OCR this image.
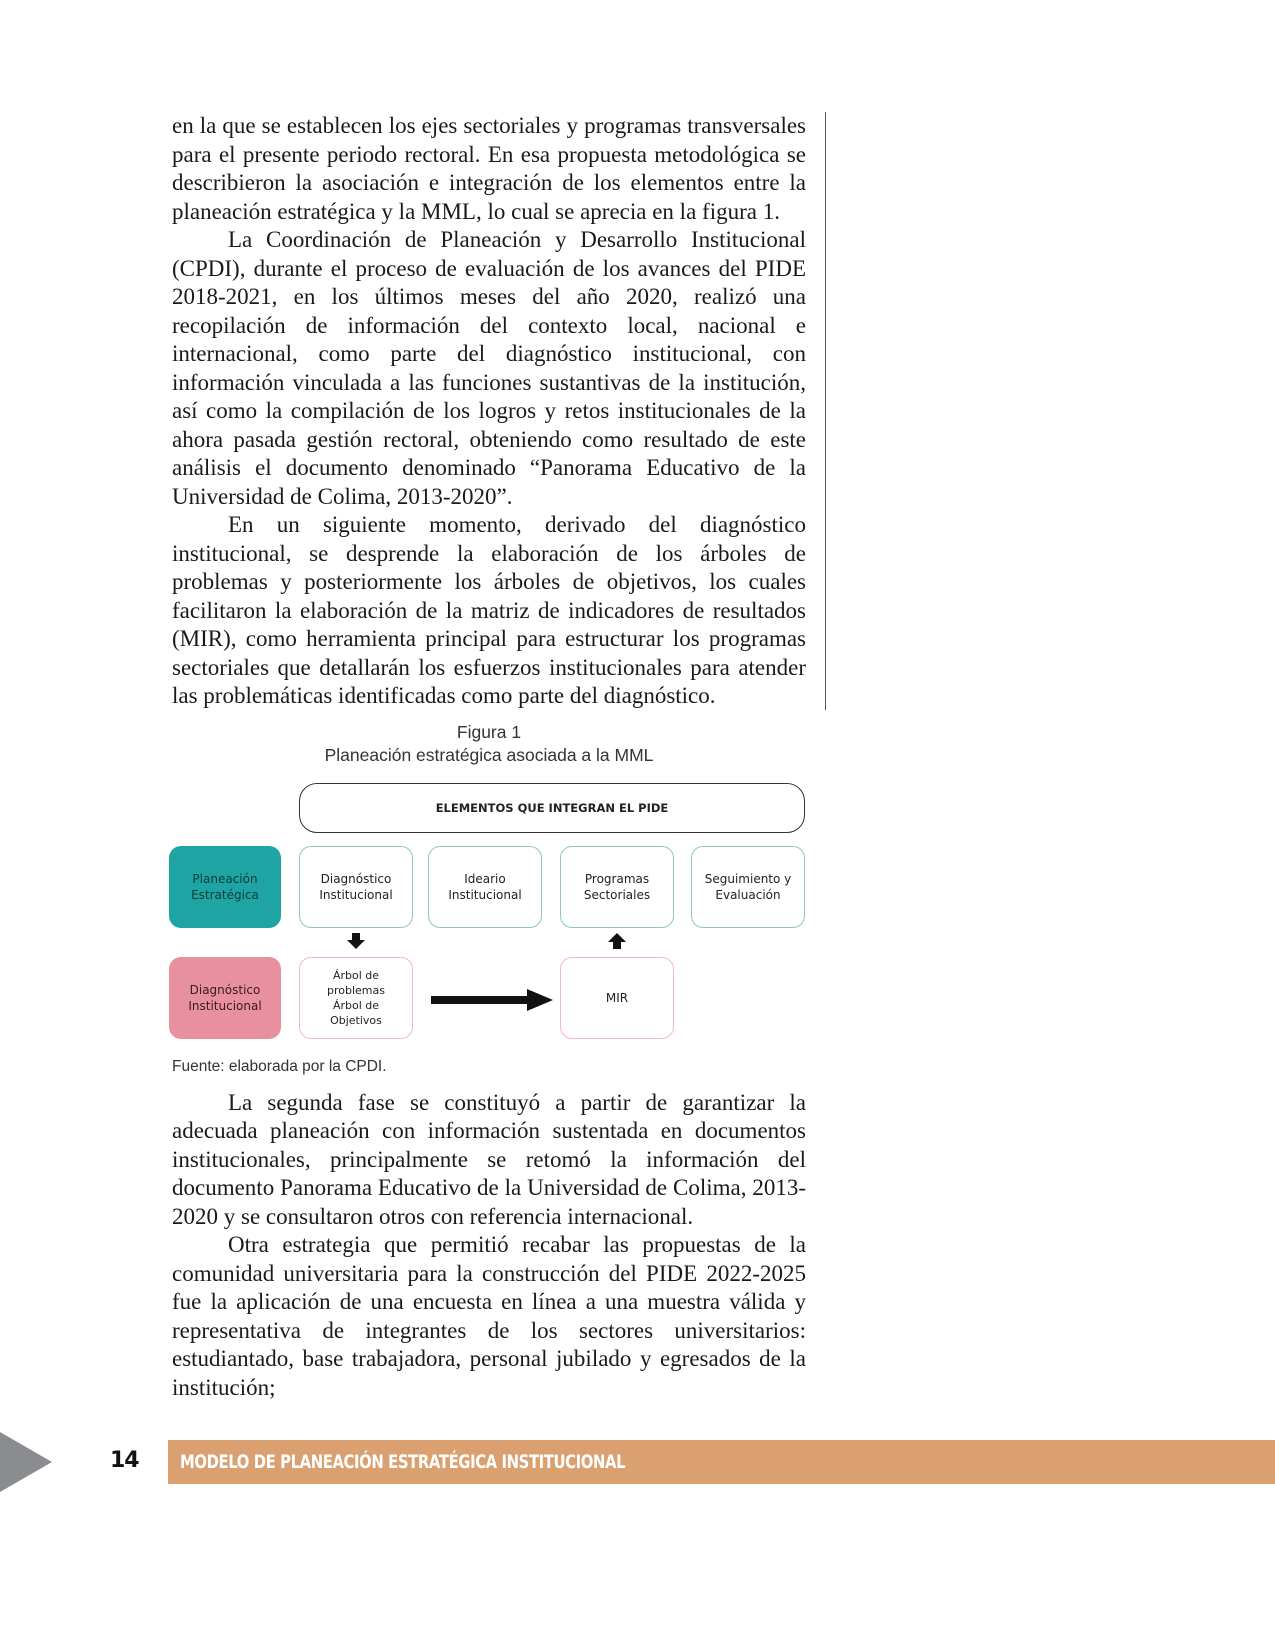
en la que se establecen los ejes sectoriales y programas transversales para el presente periodo rectoral. En esa propuesta metodológica se describieron la asociación e integración de los elementos entre la planeación estratégica y la MML, lo cual se aprecia en la figura 1.

La Coordinación de Planeación y Desarrollo Institucional (CPDI), durante el proceso de evaluación de los avances del PIDE 2018-2021, en los últimos meses del año 2020, realizó una recopilación de información del contexto local, nacional e internacional, como parte del diagnóstico institucional, con información vinculada a las funciones sustantivas de la institución, así como la compilación de los logros y retos institucionales de la ahora pasada gestión rectoral, obteniendo como resultado de este análisis el documento denominado “Panorama Educativo de la Universidad de Colima, 2013-2020”.

En un siguiente momento, derivado del diagnóstico institucional, se desprende la elaboración de los árboles de problemas y posteriormente los árboles de objetivos, los cuales facilitaron la elaboración de la matriz de indicadores de resultados (MIR), como herramienta principal para estructurar los programas sectoriales que detallarán los esfuerzos institucionales para atender las problemáticas identificadas como parte del diagnóstico.

Figura 1
Planeación estratégica asociada a la MML
ELEMENTOS QUE INTEGRAN EL PIDE
Planeación Estratégica
Diagnóstico Institucional
Ideario Institucional
Programas Sectoriales
Seguimiento y Evaluación
Diagnóstico Institucional
Árbol de problemas
Árbol de Objetivos
MIR
Fuente: elaborada por la CPDI.

La segunda fase se constituyó a partir de garantizar la adecuada planeación con información sustentada en documentos institucionales, principalmente se retomó la información del documento Panorama Educativo de la Universidad de Colima, 2013-2020 y se consultaron otros con referencia internacional.

Otra estrategia que permitió recabar las propuestas de la comunidad universitaria para la construcción del PIDE 2022-2025 fue la aplicación de una encuesta en línea a una muestra válida y representativa de integrantes de los sectores universitarios: estudiantado, base trabajadora, personal jubilado y egresados de la institución;

14 MODELO DE PLANEACIÓN ESTRATÉGICA INSTITUCIONAL
